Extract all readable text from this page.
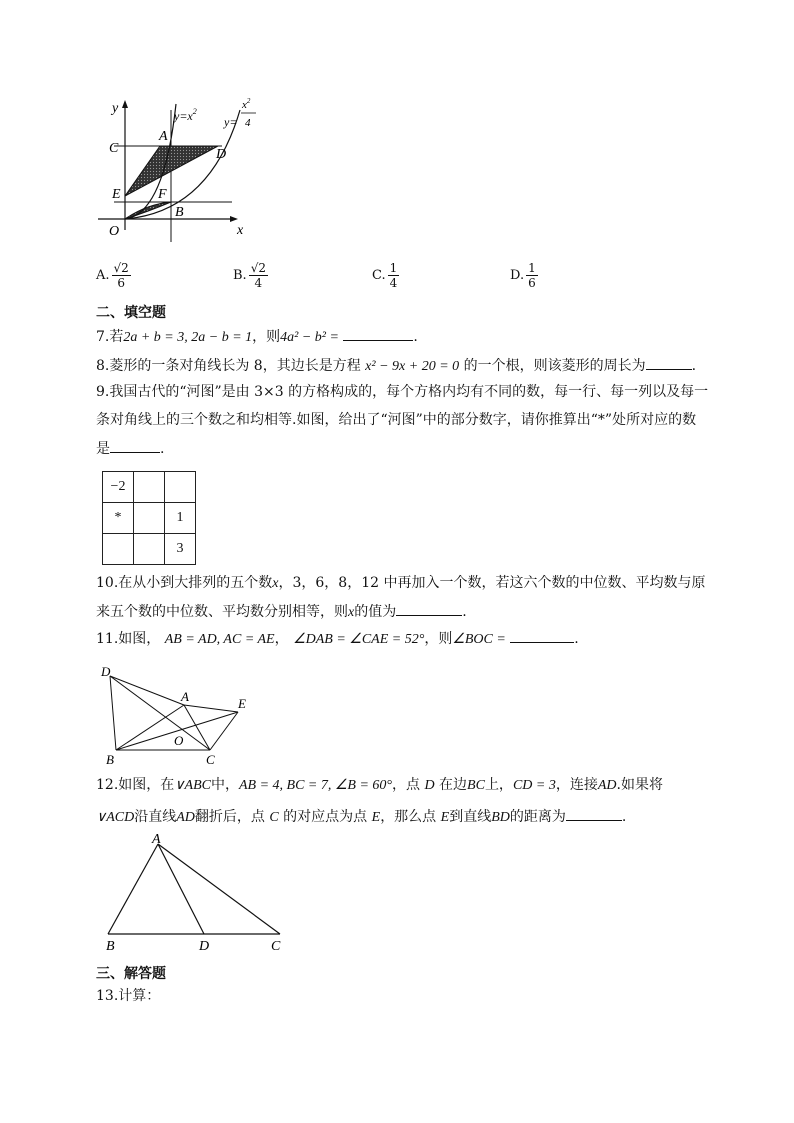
y
x
O
C
A
D
E	F
B
$y=x^2$
y=
$x^2$
4
A. $\frac{√2}{6}$	B. $\frac{√2}{4}$	C. $\frac{1}{4}$	D. $\frac{1}{6}$
二、填空题
7.若2a + b = 3, 2a − b = 1，则4a² − b² =	.
8.菱形的一条对角线长为 8，其边长是方程 x² − 9x + 20 = 0 的一个根，则该菱形的周长为	.
9.我国古代的“河图”是由 3×3 的方格构成的，每个方格内均有不同的数，每一行、每一列以及每一
条对角线上的三个数之和均相等.如图，给出了“河图”中的部分数字，请你推算出“*”处所对应的数
是	.
−2		
*		1
		3
10.在从小到大排列的五个数x，3，6，8，12 中再加入一个数，若这六个数的中位数、平均数与原
来五个数的中位数、平均数分别相等，则x的值为	.
11.如图， AB = AD, AC = AE， ∠DAB = ∠CAE = 52°，则∠BOC =	.
D
A	E
O
B	C
12.如图，在∨ABC中，AB = 4, BC = 7, ∠B = 60°，点 D 在边BC上，CD = 3，连接AD.如果将
∨ACD沿直线AD翻折后，点 C 的对应点为点 E，那么点 E到直线BD的距离为	.
A
B	D	C
三、解答题
13.计算：
